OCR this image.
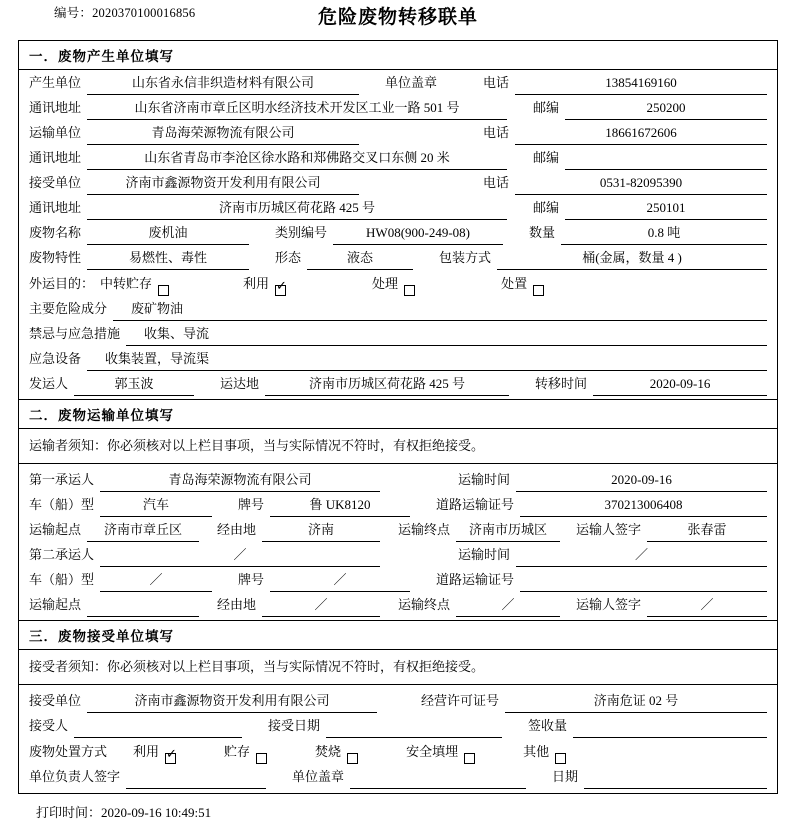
编号：2020370100016856	危险废物转移联单
一．废物产生单位填写
产生单位	山东省永信非织造材料有限公司	单位盖章	电话	13854169160
通讯地址	山东省济南市章丘区明水经济技术开发区工业一路 501 号	邮编	250200
运输单位	青岛海荣源物流有限公司	电话	18661672606
通讯地址	山东省青岛市李沧区徐水路和郑佛路交叉口东侧 20 米	邮编
接受单位	济南市鑫源物资开发利用有限公司	电话	0531-82095390
通讯地址	济南市历城区荷花路 425 号	邮编	250101
废物名称	废机油	类别编号	HW08(900-249-08)	数量	0.8 吨
废物特性	易燃性、毒性	形态	液态	包装方式	桶(金属，数量 4 )
外运目的： 中转贮存	利用 ✓	处理	处置
主要危险成分	废矿物油
禁忌与应急措施	收集、导流
应急设备	收集装置，导流渠
发运人	郭玉波	运达地	济南市历城区荷花路 425 号	转移时间	2020-09-16
二．废物运输单位填写
运输者须知：你必须核对以上栏目事项，当与实际情况不符时，有权拒绝接受。
第一承运人	青岛海荣源物流有限公司	运输时间	2020-09-16
车（船）型	汽车	牌号	鲁 UK8120	道路运输证号	370213006408
运输起点	济南市章丘区	经由地	济南	运输终点	济南市历城区	运输人签字	张春雷
第二承运人	／	运输时间	／
车（船）型	／	牌号	／	道路运输证号
运输起点	经由地	／	运输终点	／	运输人签字	／
三．废物接受单位填写
接受者须知：你必须核对以上栏目事项，当与实际情况不符时，有权拒绝接受。
接受单位	济南市鑫源物资开发利用有限公司	经营许可证号	济南危证 02 号
接受人	接受日期	签收量
废物处置方式 利用 ✓	贮存	焚烧	安全填埋	其他
单位负责人签字	单位盖章	日期
打印时间：2020-09-16 10:49:51
